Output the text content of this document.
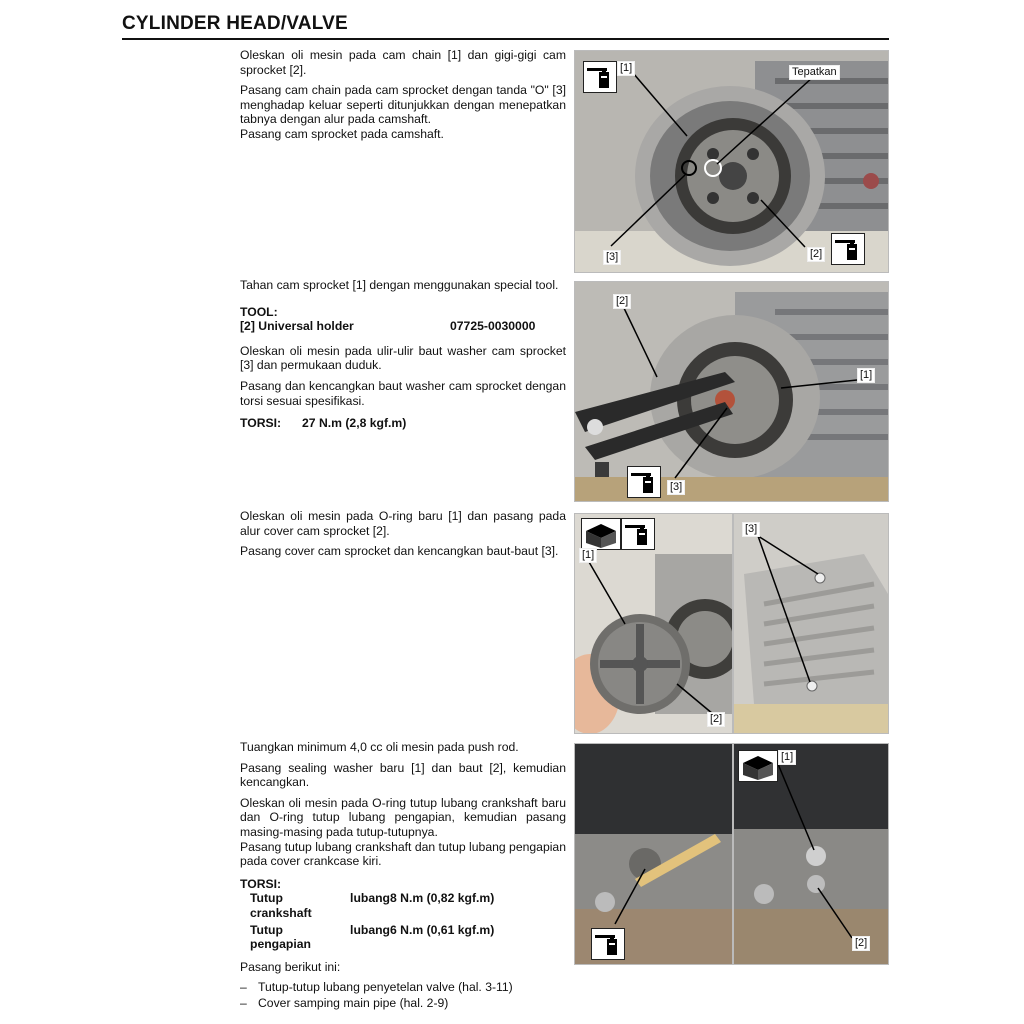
CYLINDER HEAD/VALVE

Oleskan oli mesin pada cam chain [1] dan gigi-gigi cam sprocket [2].

Pasang cam chain pada cam sprocket dengan tanda "O" [3] menghadap keluar seperti ditunjukkan dengan menepatkan tabnya dengan alur pada camshaft.

Pasang cam sprocket pada camshaft.

[1]	Tepatkan
[2]
[3]

Tahan cam sprocket [1] dengan menggunakan special tool.

TOOL:
[2] Universal holder	07725-0030000

Oleskan oli mesin pada ulir-ulir baut washer cam sprocket [3] dan permukaan duduk.

Pasang dan kencangkan baut washer cam sprocket dengan torsi sesuai spesifikasi.

TORSI:	27 N.m (2,8 kgf.m)
[2]
[1]
[3]

Oleskan oli mesin pada O-ring baru [1] dan pasang pada alur cover cam sprocket [2].

Pasang cover cam sprocket dan kencangkan baut-baut [3].	[1]
[2]
[3]

Tuangkan minimum 4,0 cc oli mesin pada push rod.

Pasang sealing washer baru [1] dan baut [2], kemudian kencangkan.

Oleskan oli mesin pada O-ring tutup lubang crankshaft baru dan O-ring tutup lubang pengapian, kemudian pasang masing-masing pada tutup-tutupnya.

Pasang tutup lubang crankshaft dan tutup lubang pengapian pada cover crankcase kiri.

TORSI:
Tutup lubang crankshaft
8 N.m (0,82 kgf.m)
Tutup lubang pengapian
6 N.m (0,61 kgf.m)

Pasang berikut ini:

– Tutup-tutup lubang penyetelan valve (hal. 3-11)
– Cover samping main pipe (hal. 2-9)
[1]
[2]
